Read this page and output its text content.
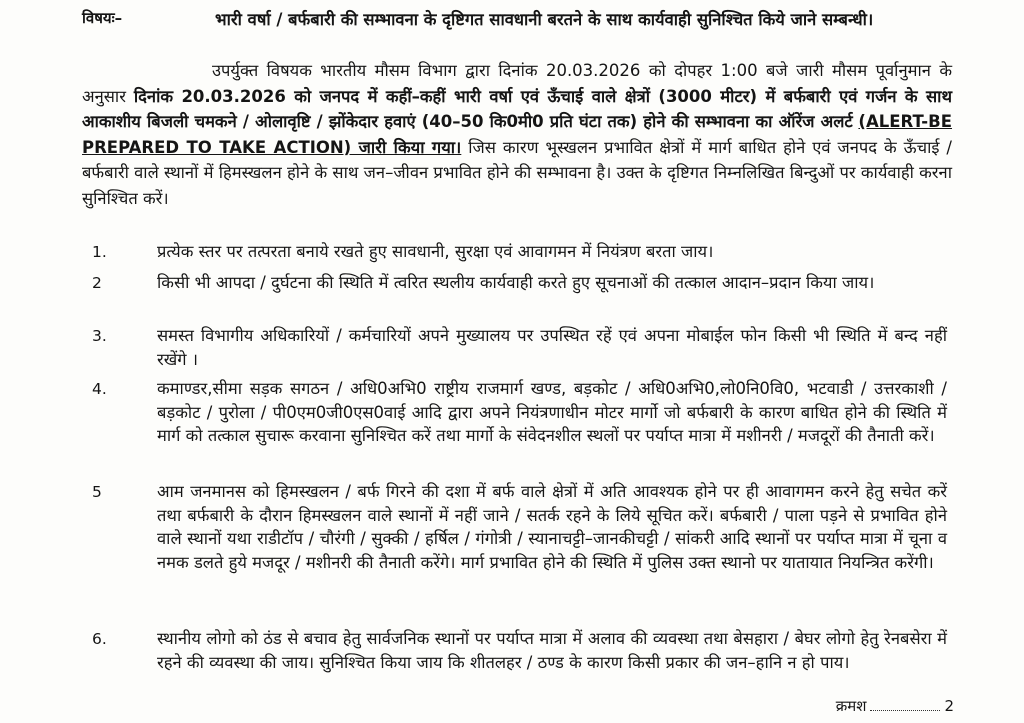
विषयः–	भारी वर्षा / बर्फबारी की सम्भावना के दृष्टिगत सावधानी बरतने के साथ कार्यवाही सुनिश्चित किये जाने सम्बन्धी।
उपर्युक्त विषयक भारतीय मौसम विभाग द्वारा दिनांक 20.03.2026 को दोपहर 1:00 बजे जारी मौसम पूर्वानुमान के अनुसार दिनांक 20.03.2026 को जनपद में कहीं–कहीं भारी वर्षा एवं ऊँचाई वाले क्षेत्रों (3000 मीटर) में बर्फबारी एवं गर्जन के साथ आकाशीय बिजली चमकने / ओलावृष्टि / झोंकेदार हवाएं (40–50 कि0मी0 प्रति घंटा तक) होने की सम्भावना का ऑरेंज अलर्ट (ALERT-BE PREPARED TO TAKE ACTION) जारी किया गया। जिस कारण भूस्खलन प्रभावित क्षेत्रों में मार्ग बाधित होने एवं जनपद के ऊँचाई / बर्फबारी वाले स्थानों में हिमस्खलन होने के साथ जन–जीवन प्रभावित होने की सम्भावना है। उक्त के दृष्टिगत निम्नलिखित बिन्दुओं पर कार्यवाही करना सुनिश्चित करें।
1.	प्रत्येक स्तर पर तत्परता बनाये रखते हुए सावधानी, सुरक्षा एवं आवागमन में नियंत्रण बरता जाय।
2	किसी भी आपदा / दुर्घटना की स्थिति में त्वरित स्थलीय कार्यवाही करते हुए सूचनाओं की तत्काल आदान–प्रदान किया जाय।
3.	समस्त विभागीय अधिकारियों / कर्मचारियों अपने मुख्यालय पर उपस्थित रहें एवं अपना मोबाईल फोन किसी भी स्थिति में बन्द नहीं रखेंगे ।
4.	कमाण्डर,सीमा सड़क सगठन / अधि0अभि0 राष्ट्रीय राजमार्ग खण्ड, बड़कोट / अधि0अभि0,लो0नि0वि0, भटवाडी / उत्तरकाशी / बड़कोट / पुरोला / पी0एम0जी0एस0वाई आदि द्वारा अपने नियंत्रणाधीन मोटर मार्गो जो बर्फबारी के कारण बाधित होने की स्थिति में मार्ग को तत्काल सुचारू करवाना सुनिश्चित करें तथा मार्गो के संवेदनशील स्थलों पर पर्याप्त मात्रा में मशीनरी / मजदूरों की तैनाती करें।
5	आम जनमानस को हिमस्खलन / बर्फ गिरने की दशा में बर्फ वाले क्षेत्रों में अति आवश्यक होने पर ही आवागमन करने हेतु सचेत करें तथा बर्फबारी के दौरान हिमस्खलन वाले स्थानों में नहीं जाने / सतर्क रहने के लिये सूचित करें। बर्फबारी / पाला पड़ने से प्रभावित होने वाले स्थानों यथा राडीटॉप / चौरंगी / सुक्की / हर्षिल / गंगोत्री / स्यानाचट्टी–जानकीचट्टी / सांकरी आदि स्थानों पर पर्याप्त मात्रा में चूना व नमक डलते हुये मजदूर / मशीनरी की तैनाती करेंगे। मार्ग प्रभावित होने की स्थिति में पुलिस उक्त स्थानो पर यातायात नियन्त्रित करेंगी।
6.	स्थानीय लोगो को ठंड से बचाव हेतु सार्वजनिक स्थानों पर पर्याप्त मात्रा में अलाव की व्यवस्था तथा बेसहारा / बेघर लोगो हेतु रेनबसेरा में रहने की व्यवस्था की जाय। सुनिश्चित किया जाय कि शीतलहर / ठण्ड के कारण किसी प्रकार की जन–हानि न हो पाय।
क्रमश	2
